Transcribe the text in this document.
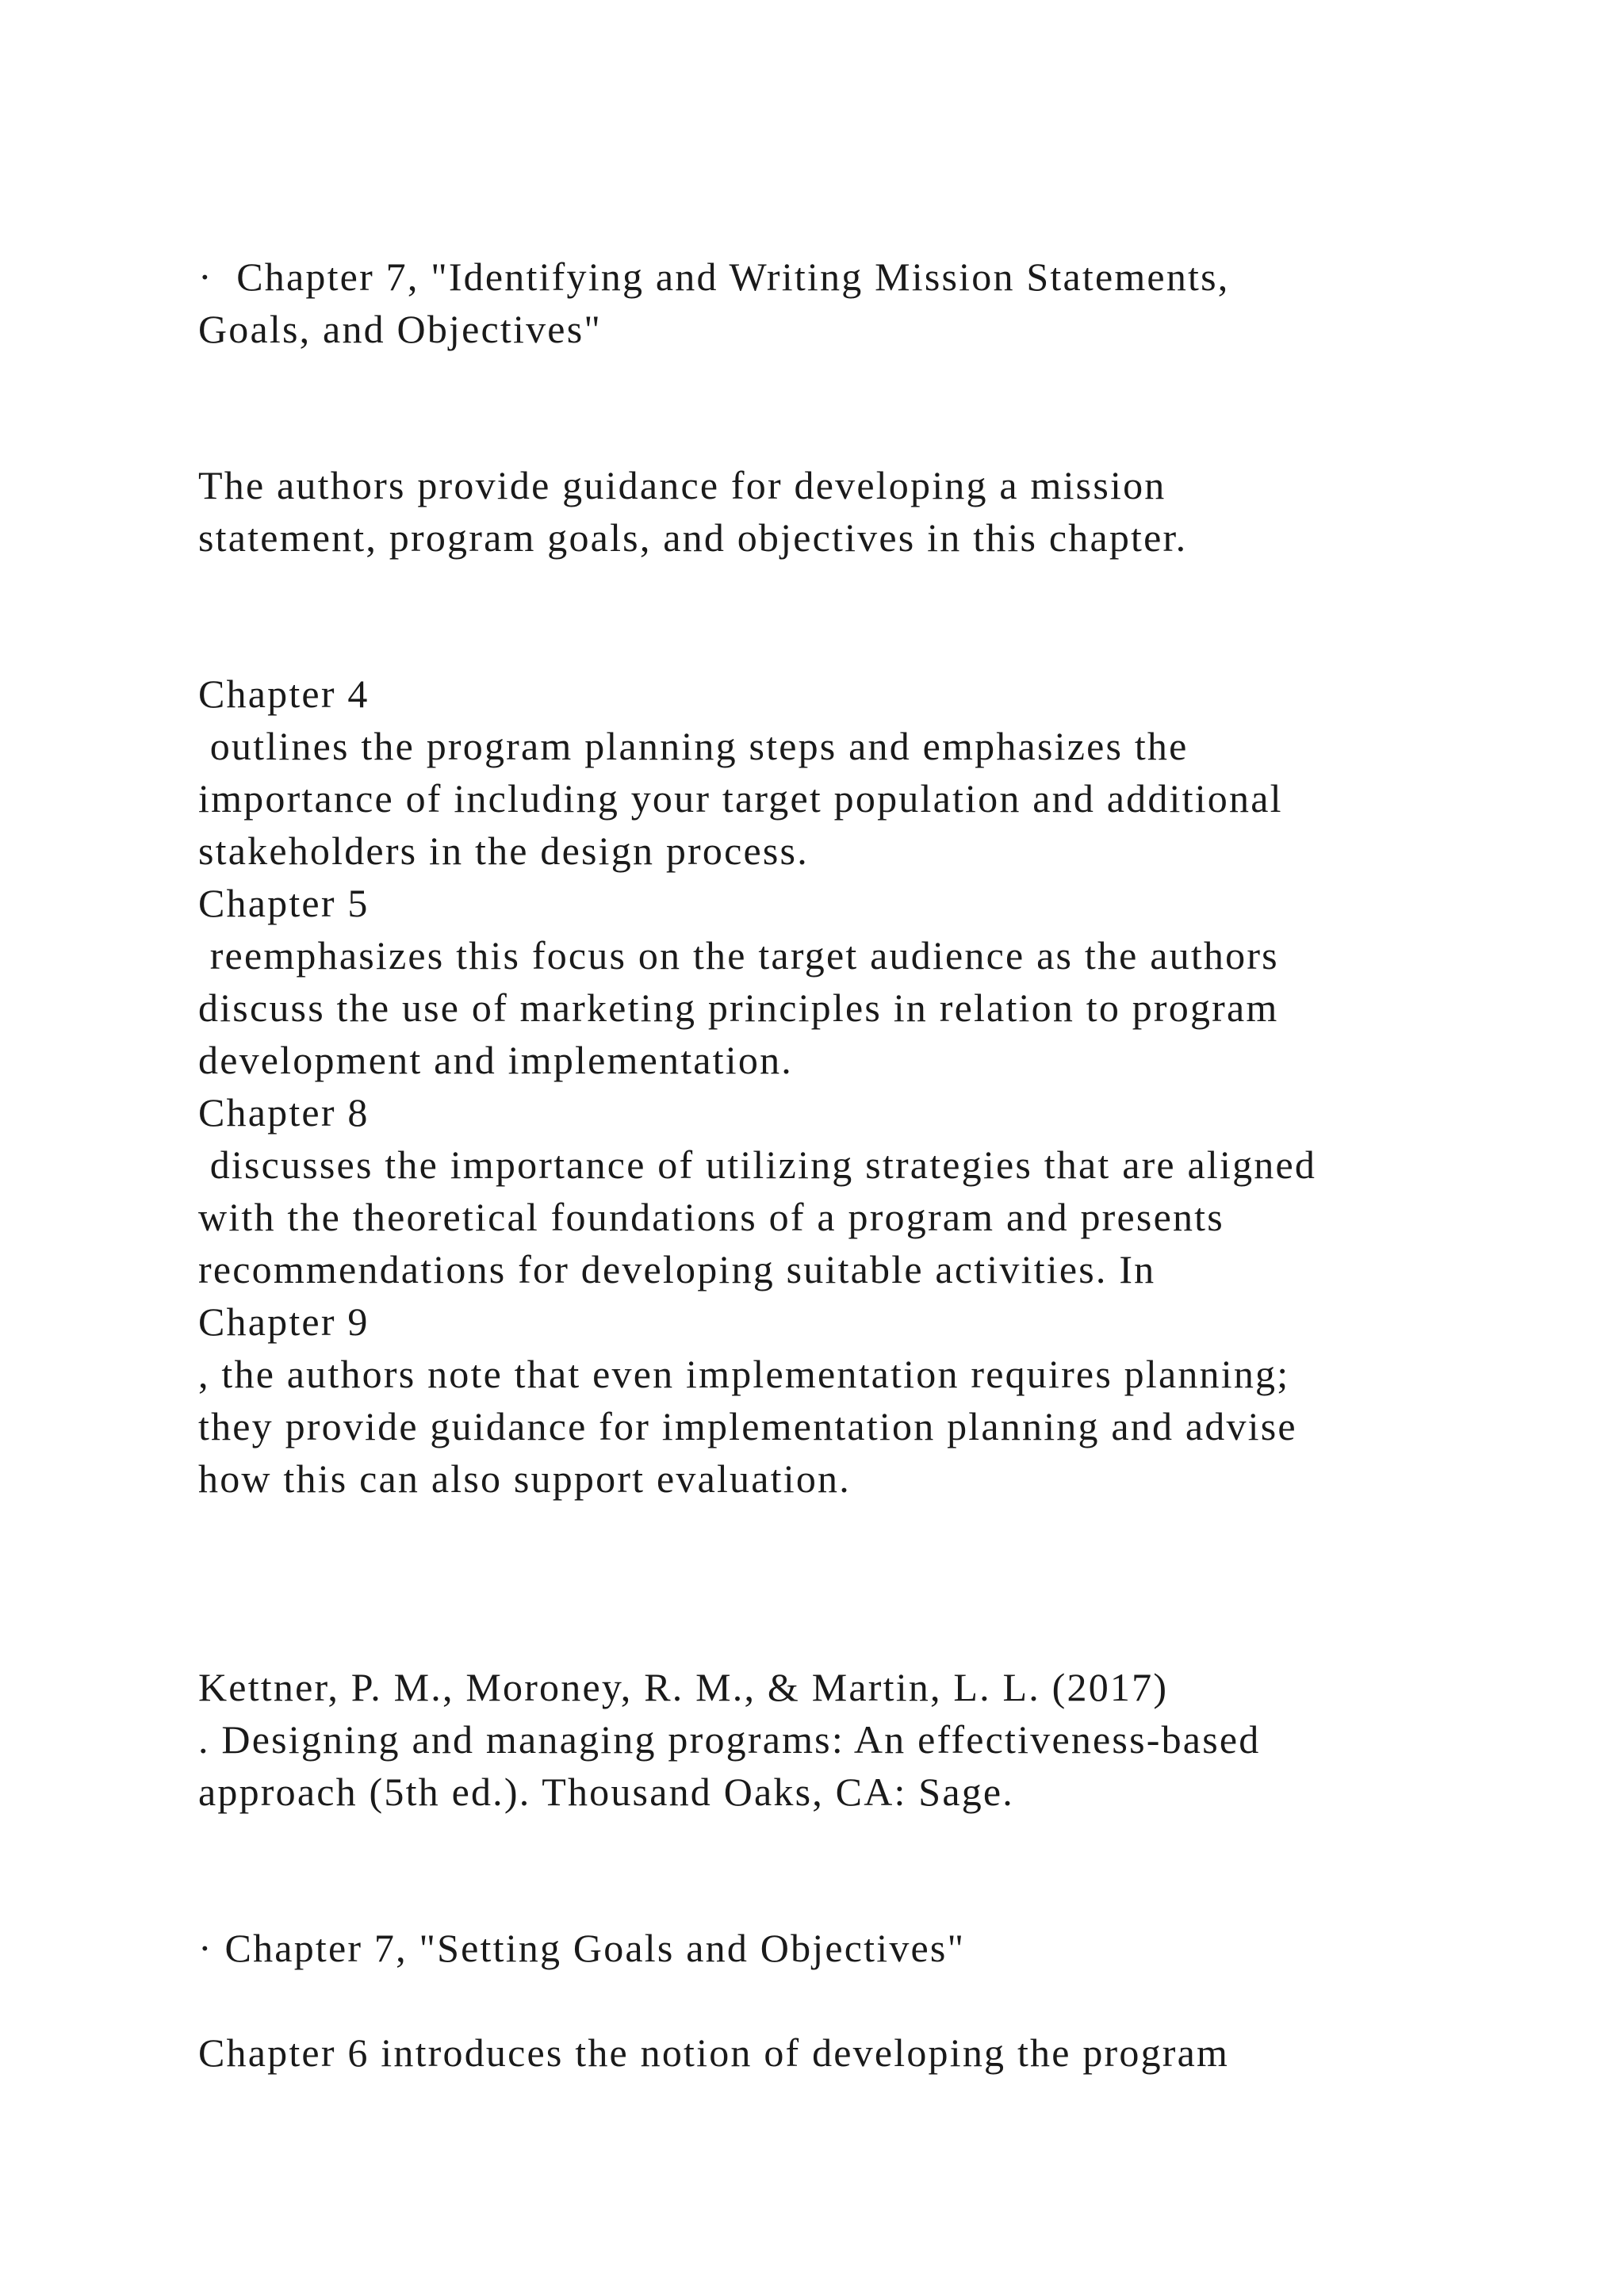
·  Chapter 7, "Identifying and Writing Mission Statements,

Goals, and Objectives"

The authors provide guidance for developing a mission

statement, program goals, and objectives in this chapter.

Chapter 4

outlines the program planning steps and emphasizes the

importance of including your target population and additional

stakeholders in the design process.

Chapter 5

reemphasizes this focus on the target audience as the authors

discuss the use of marketing principles in relation to program

development and implementation.

Chapter 8

discusses the importance of utilizing strategies that are aligned

with the theoretical foundations of a program and presents

recommendations for developing suitable activities. In

Chapter 9

, the authors note that even implementation requires planning;

they provide guidance for implementation planning and advise

how this can also support evaluation.

Kettner, P. M., Moroney, R. M., & Martin, L. L. (2017)

. Designing and managing programs: An effectiveness-based

approach (5th ed.). Thousand Oaks, CA: Sage.

· Chapter 7, "Setting Goals and Objectives"

Chapter 6 introduces the notion of developing the program
